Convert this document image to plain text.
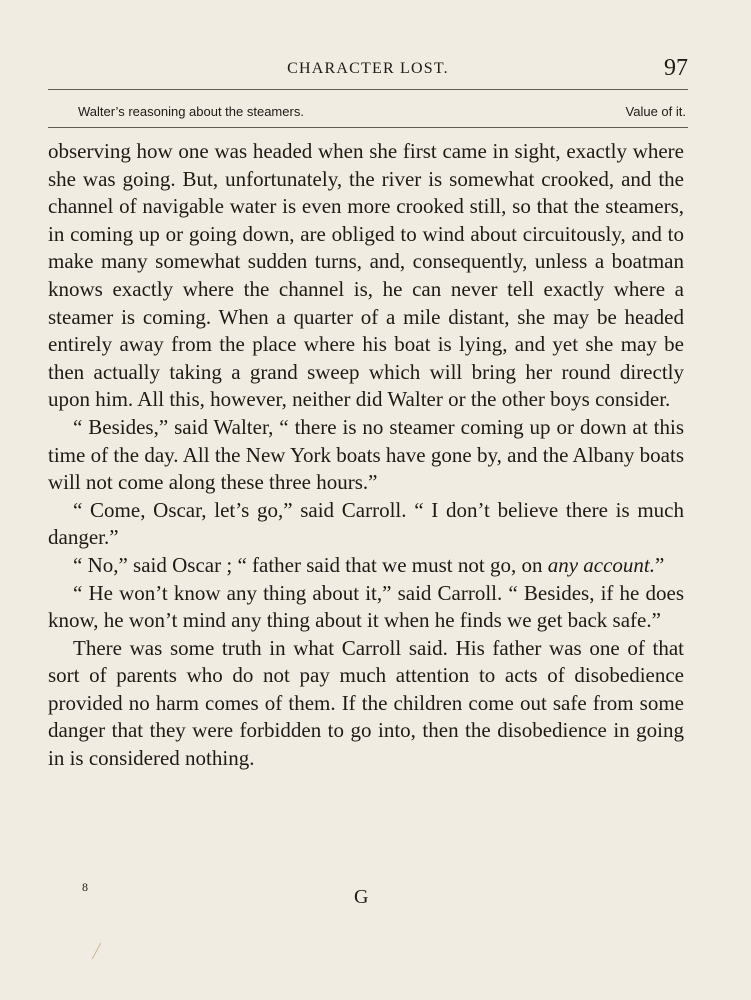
CHARACTER LOST.	97
Walter’s reasoning about the steamers.	Value of it.

observing how one was headed when she first came in sight, exactly where she was going. But, unfortunately, the river is somewhat crooked, and the channel of navigable water is even more crooked still, so that the steamers, in coming up or going down, are obliged to wind about circuitously, and to make many somewhat sudden turns, and, consequently, unless a boatman knows exactly where the channel is, he can never tell exactly where a steamer is coming. When a quarter of a mile distant, she may be headed entirely away from the place where his boat is lying, and yet she may be then actually taking a grand sweep which will bring her round directly upon him. All this, however, neither did Walter or the other boys consider.

“ Besides,” said Walter, “ there is no steamer coming up or down at this time of the day. All the New York boats have gone by, and the Albany boats will not come along these three hours.”

“ Come, Oscar, let’s go,” said Carroll. “ I don’t believe there is much danger.”

“ No,” said Oscar ; “ father said that we must not go, on any account.”

“ He won’t know any thing about it,” said Carroll. “ Besides, if he does know, he won’t mind any thing about it when he finds we get back safe.”

There was some truth in what Carroll said. His father was one of that sort of parents who do not pay much attention to acts of disobedience provided no harm comes of them. If the children come out safe from some danger that they were forbidden to go into, then the disobedience in going in is considered nothing.

8	G
